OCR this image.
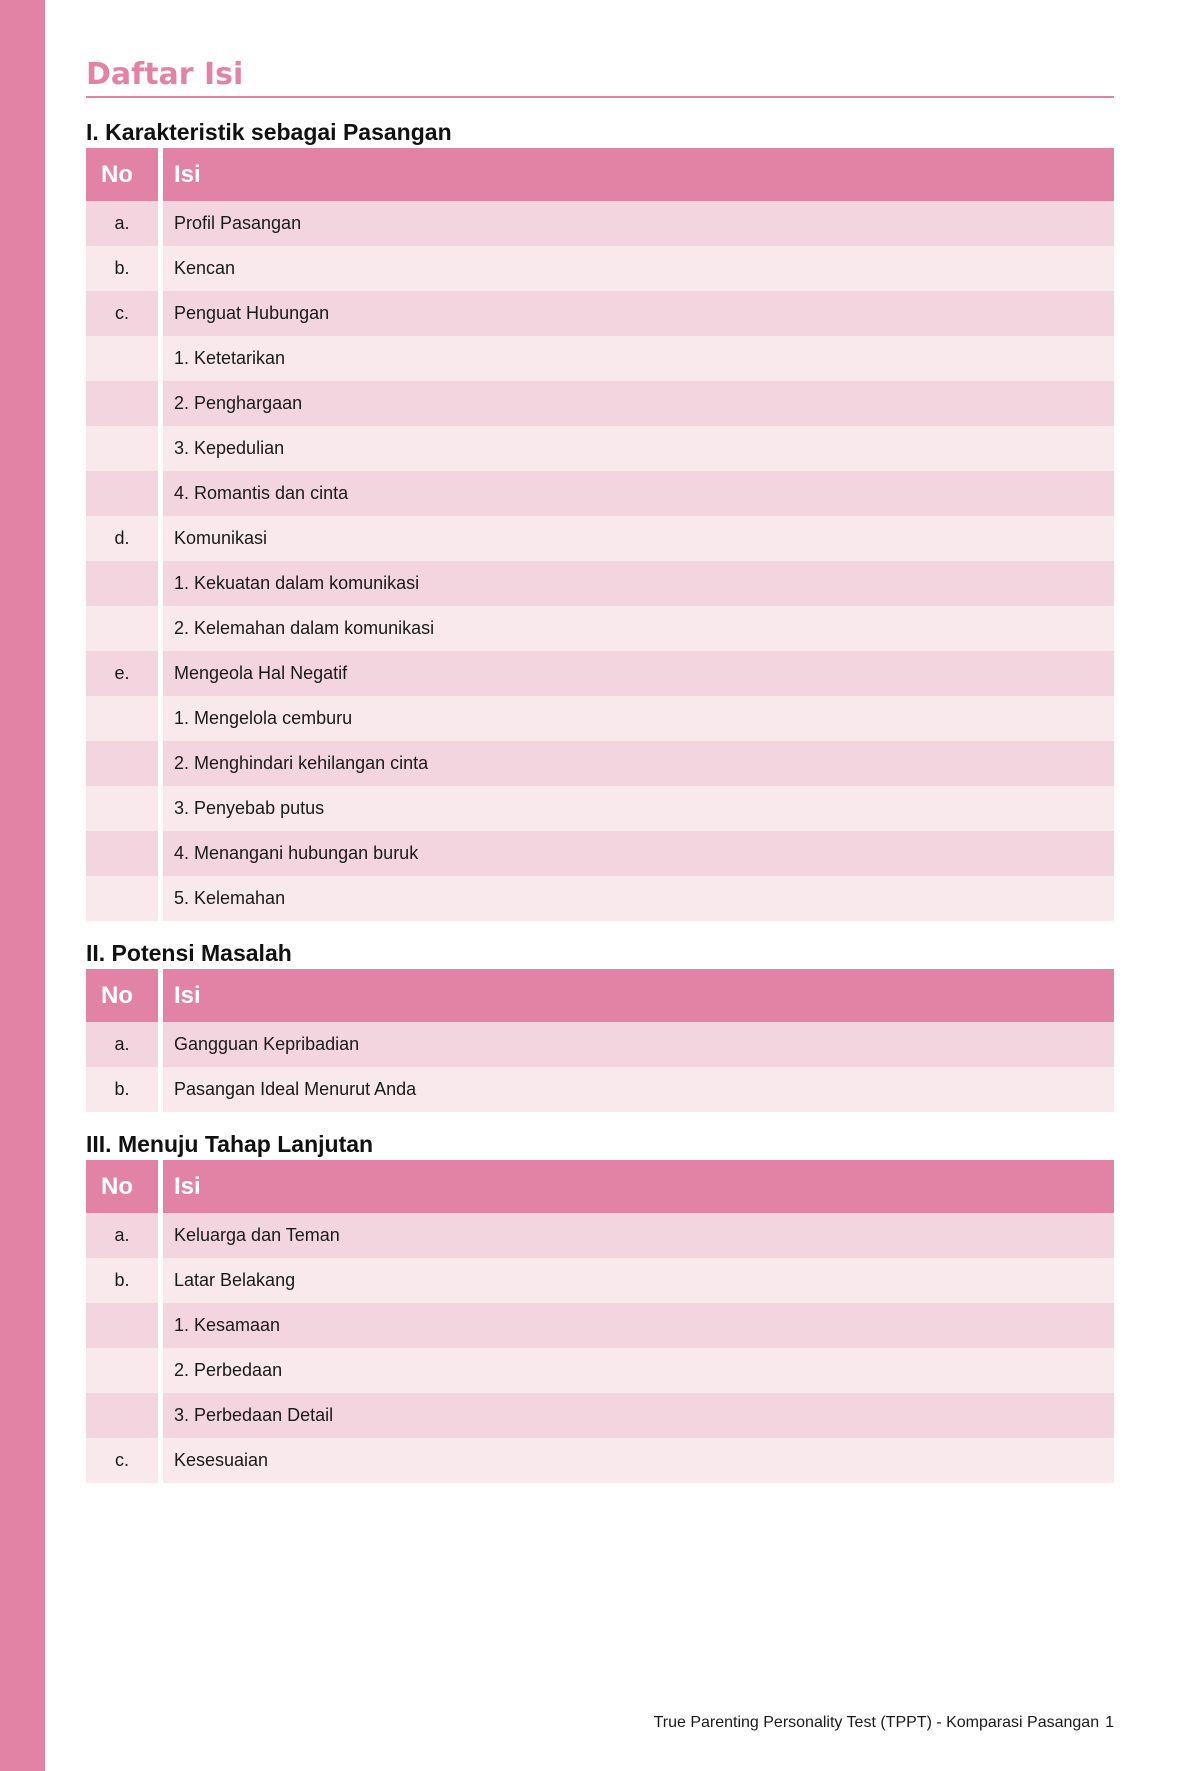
Daftar Isi
I. Karakteristik sebagai Pasangan
No	Isi
a.	Profil Pasangan
b.	Kencan
c.	Penguat Hubungan
1. Ketetarikan
2. Penghargaan
3. Kepedulian
4. Romantis dan cinta
d.	Komunikasi
1. Kekuatan dalam komunikasi
2. Kelemahan dalam komunikasi
e.	Mengeola Hal Negatif
1. Mengelola cemburu
2. Menghindari kehilangan cinta
3. Penyebab putus
4. Menangani hubungan buruk
5. Kelemahan
II. Potensi Masalah
No	Isi
a.	Gangguan Kepribadian
b.	Pasangan Ideal Menurut Anda
III. Menuju Tahap Lanjutan
No	Isi
a.	Keluarga dan Teman
b.	Latar Belakang
1. Kesamaan
2. Perbedaan
3. Perbedaan Detail
c.	Kesesuaian
True Parenting Personality Test (TPPT) - Komparasi Pasangan 1
